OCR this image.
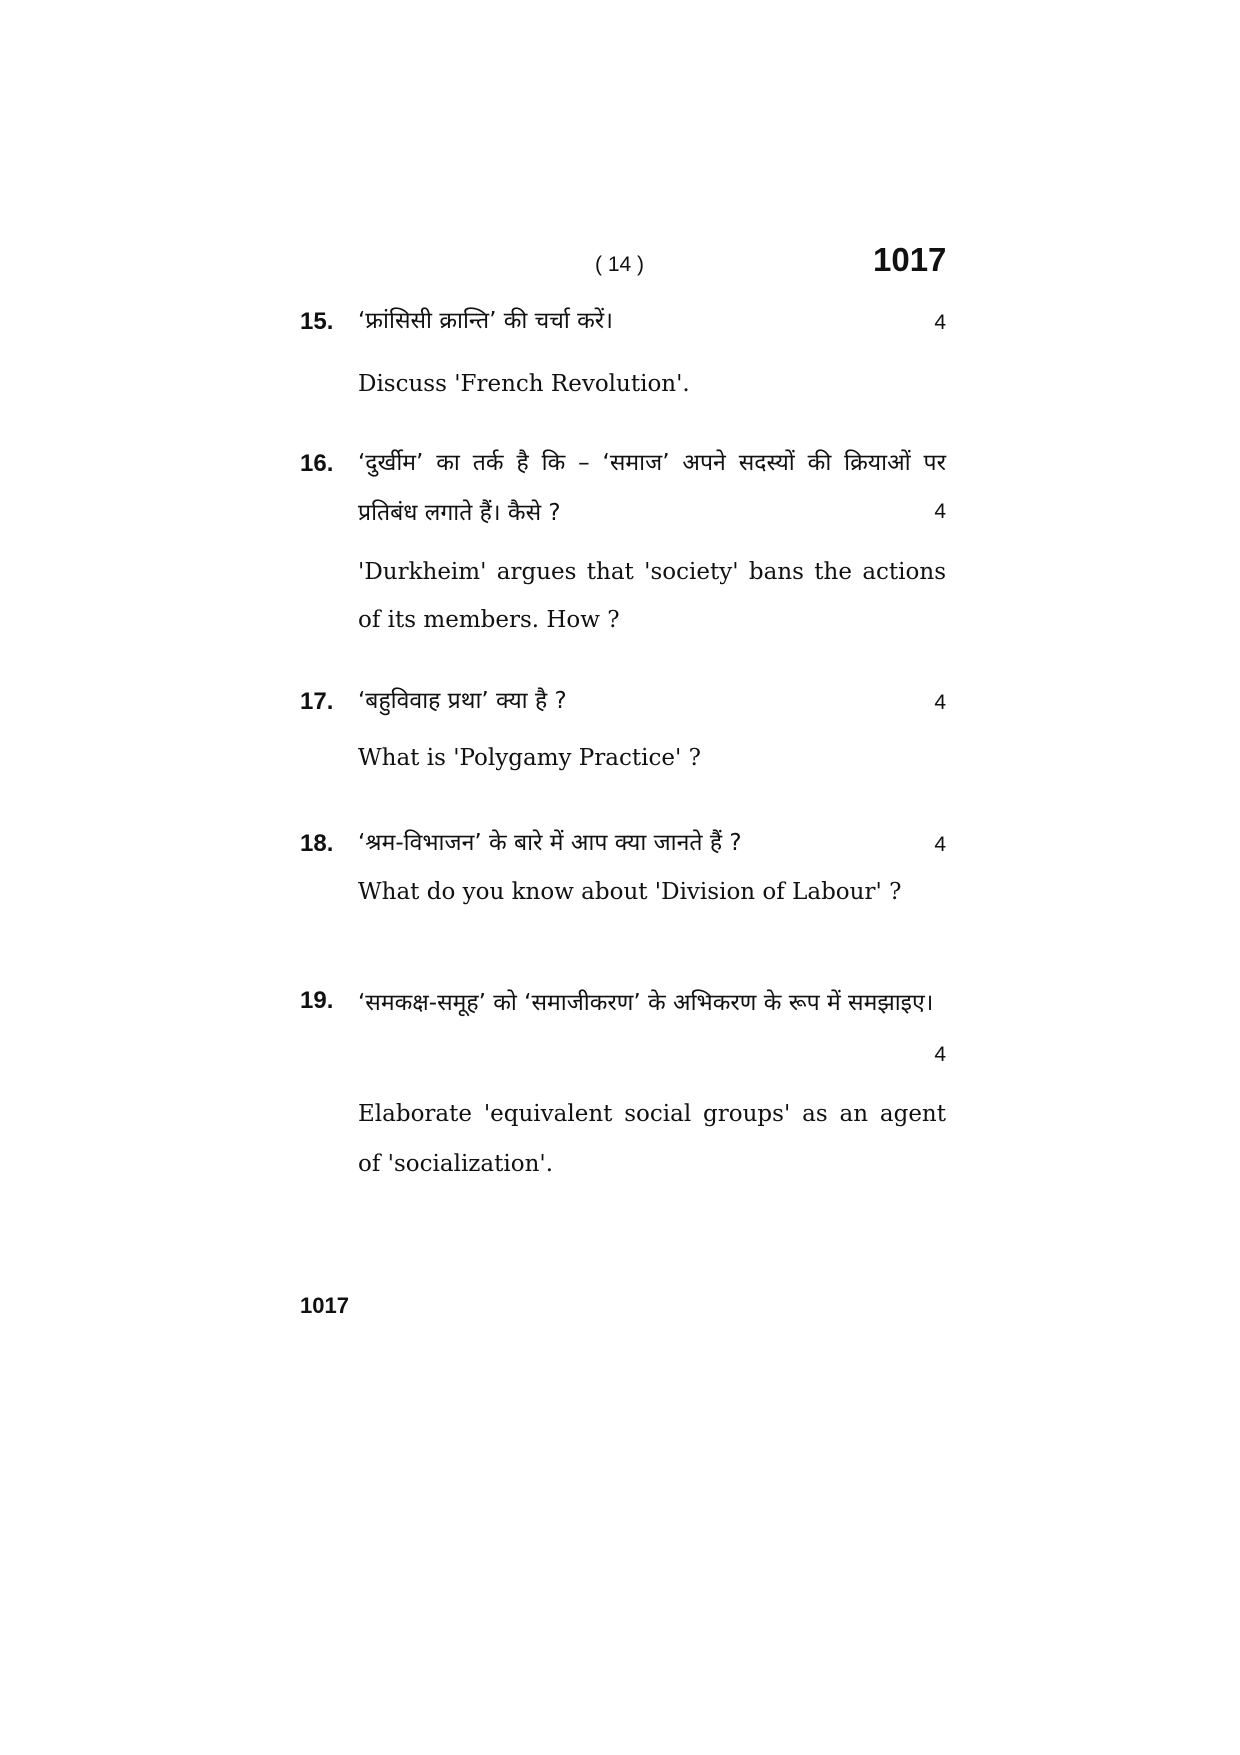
( 14 )	1017
15. ‘फ्रांसिसी क्रान्ति’ की चर्चा करें।	4
Discuss 'French Revolution'.
16. ‘दुर्खीम’ का तर्क है कि – ‘समाज’ अपने सदस्यों की क्रियाओं पर प्रतिबंध लगाते हैं। कैसे ?	4
'Durkheim' argues that 'society' bans the actions of its members. How ?
17. ‘बहुविवाह प्रथा’ क्या है ?	4
What is 'Polygamy Practice' ?
18. ‘श्रम-विभाजन’ के बारे में आप क्या जानते हैं ?	4
What do you know about 'Division of Labour' ?
19. ‘समकक्ष-समूह’ को ‘समाजीकरण’ के अभिकरण के रूप में समझाइए।
4
Elaborate 'equivalent social groups' as an agent of 'socialization'.
1017
